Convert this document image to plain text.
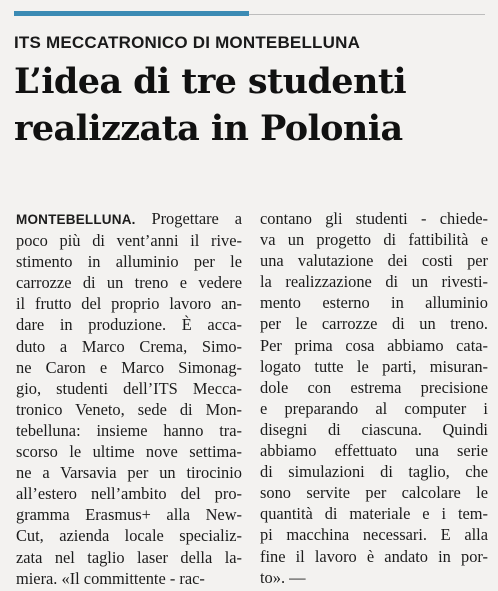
ITS MECCATRONICO DI MONTEBELLUNA
L’idea di tre studenti
realizzata in Polonia
MONTEBELLUNA. Progettare a
poco più di vent’anni il rive-
stimento in alluminio per le
carrozze di un treno e vedere
il frutto del proprio lavoro an-
dare in produzione. È acca-
duto a Marco Crema, Simo-
ne Caron e Marco Simonag-
gio, studenti dell’ITS Mecca-
tronico Veneto, sede di Mon-
tebelluna: insieme hanno tra-
scorso le ultime nove settima-
ne a Varsavia per un tirocinio
all’estero nell’ambito del pro-
gramma Erasmus+ alla New-
Cut, azienda locale specializ-
zata nel taglio laser della la-
miera. «Il committente - rac-
contano gli studenti - chiede-
va un progetto di fattibilità e
una valutazione dei costi per
la realizzazione di un rivesti-
mento esterno in alluminio
per le carrozze di un treno.
Per prima cosa abbiamo cata-
logato tutte le parti, misuran-
dole con estrema precisione
e preparando al computer i
disegni di ciascuna. Quindi
abbiamo effettuato una serie
di simulazioni di taglio, che
sono servite per calcolare le
quantità di materiale e i tem-
pi macchina necessari. E alla
fine il lavoro è andato in por-
to». —
